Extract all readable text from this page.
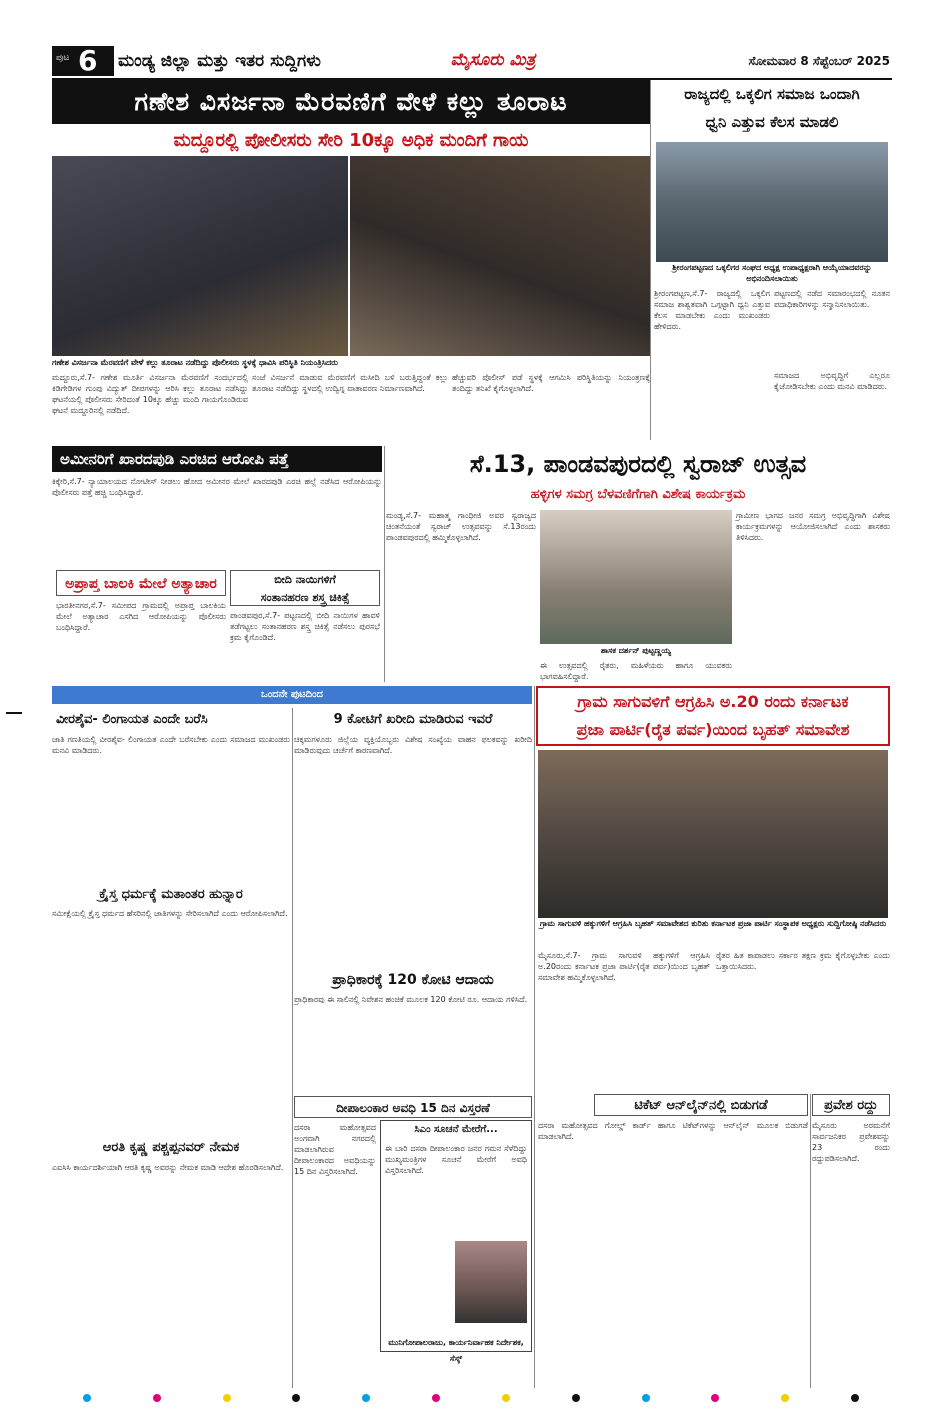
ಪುಟ 6 ಮಂಡ್ಯ ಜಿಲ್ಲಾ ಮತ್ತು ಇತರ ಸುದ್ದಿಗಳು	ಮೈಸೂರು ಮಿತ್ರ	ಸೋಮವಾರ 8 ಸೆಪ್ಟೆಂಬರ್ 2025
ಗಣೇಶ ವಿಸರ್ಜನಾ ಮೆರವಣಿಗೆ ವೇಳೆ ಕಲ್ಲು ತೂರಾಟ
ಮದ್ದೂರಲ್ಲಿ ಪೋಲೀಸರು ಸೇರಿ 10ಕ್ಕೂ ಅಧಿಕ ಮಂದಿಗೆ ಗಾಯ
ಗಣೇಶ ವಿಸರ್ಜನಾ ಮೆರವಣಿಗೆ ವೇಳೆ ಕಲ್ಲು ತೂರಾಟ ನಡೆದಿದ್ದು ಪೊಲೀಸರು ಸ್ಥಳಕ್ಕೆ ಧಾವಿಸಿ ಪರಿಸ್ಥಿತಿ ನಿಯಂತ್ರಿಸಿದರು
ಮದ್ದೂರು,ಸೆ.7- ಗಣೇಶ ಮೂರ್ತಿ ವಿಸರ್ಜನಾ ಮೆರವಣಿಗೆ ಸಂದರ್ಭದಲ್ಲಿ ಕಿಡಿಗೇಡಿಗಳ ಗುಂಪು ವಿದ್ಯುತ್ ದೀಪಗಳನ್ನು ಆರಿಸಿ ಕಲ್ಲು ತೂರಾಟ ನಡೆಸಿದ್ದು ಘಟನೆಯಲ್ಲಿ ಪೊಲೀಸರು ಸೇರಿದಂತೆ 10ಕ್ಕೂ ಹೆಚ್ಚು ಮಂದಿ ಗಾಯಗೊಂಡಿರುವ ಘಟನೆ ಮದ್ದೂರಿನಲ್ಲಿ ನಡೆದಿದೆ.
ಸಂಜೆ ವಿಸರ್ಜನೆ ಮಾಡುವ ಮೆರವಣಿಗೆ ಮಸೀದಿ ಬಳಿ ಬರುತ್ತಿದ್ದಂತೆ ಕಲ್ಲು ತೂರಾಟ ನಡೆದಿದ್ದು ಸ್ಥಳದಲ್ಲಿ ಉದ್ವಿಗ್ನ ವಾತಾವರಣ ನಿರ್ಮಾಣವಾಗಿದೆ.
ಹೆಚ್ಚುವರಿ ಪೊಲೀಸ್ ಪಡೆ ಸ್ಥಳಕ್ಕೆ ಆಗಮಿಸಿ ಪರಿಸ್ಥಿತಿಯನ್ನು ನಿಯಂತ್ರಣಕ್ಕೆ ತಂದಿದ್ದು ತನಿಖೆ ಕೈಗೊಳ್ಳಲಾಗಿದೆ.
ರಾಜ್ಯದಲ್ಲಿ ಒಕ್ಕಲಿಗ ಸಮಾಜ ಒಂದಾಗಿ
ಧ್ವನಿ ಎತ್ತುವ ಕೆಲಸ ಮಾಡಲಿ
ಶ್ರೀರಂಗಪಟ್ಟಣದ ಒಕ್ಕಲಿಗರ ಸಂಘದ ಅಧ್ಯಕ್ಷ ಉಪಾಧ್ಯಕ್ಷರಾಗಿ ಆಯ್ಕೆಯಾದವರನ್ನು ಅಭಿನಂದಿಸಲಾಯಿತು
ಶ್ರೀರಂಗಪಟ್ಟಣ,ಸೆ.7- ರಾಜ್ಯದಲ್ಲಿ ಒಕ್ಕಲಿಗ ಸಮಾಜ ಶಾಶ್ವತವಾಗಿ ಒಗ್ಗಟ್ಟಾಗಿ ಧ್ವನಿ ಎತ್ತುವ ಕೆಲಸ ಮಾಡಬೇಕು ಎಂದು ಮುಖಂಡರು ಹೇಳಿದರು.
ಪಟ್ಟಣದಲ್ಲಿ ನಡೆದ ಸಮಾರಂಭದಲ್ಲಿ ನೂತನ ಪದಾಧಿಕಾರಿಗಳನ್ನು ಸನ್ಮಾನಿಸಲಾಯಿತು.
ಸಮಾಜದ ಅಭಿವೃದ್ಧಿಗೆ ಎಲ್ಲರೂ ಕೈಜೋಡಿಸಬೇಕು ಎಂದು ಮನವಿ ಮಾಡಿದರು.
ಅಮೀನರಿಗೆ ಖಾರದಪುಡಿ ಎರಚಿದ ಆರೋಪಿ ಪತ್ತೆ
ಕಿಕ್ಕೇರಿ,ಸೆ.7- ನ್ಯಾಯಾಲಯದ ನೋಟೀಸ್ ನೀಡಲು ಹೋದ ಅಮೀನರ ಮೇಲೆ ಖಾರದಪುಡಿ ಎರಚಿ ಹಲ್ಲೆ ನಡೆಸಿದ ಆರೋಪಿಯನ್ನು ಪೊಲೀಸರು ಪತ್ತೆ ಹಚ್ಚಿ ಬಂಧಿಸಿದ್ದಾರೆ.
ಸೆ.13, ಪಾಂಡವಪುರದಲ್ಲಿ ಸ್ವರಾಜ್ ಉತ್ಸವ
ಹಳ್ಳಿಗಳ ಸಮಗ್ರ ಬೆಳವಣಿಗೆಗಾಗಿ ವಿಶೇಷ ಕಾರ್ಯಕ್ರಮ
ಮಂಡ್ಯ,ಸೆ.7- ಮಹಾತ್ಮ ಗಾಂಧೀಜಿ ಅವರ ಸ್ವರಾಜ್ಯದ ಚಿಂತನೆಯಂತೆ ಸ್ವರಾಜ್ ಉತ್ಸವವನ್ನು ಸೆ.13ರಂದು ಪಾಂಡವಪುರದಲ್ಲಿ ಹಮ್ಮಿಕೊಳ್ಳಲಾಗಿದೆ.
ಶಾಸಕ ದರ್ಶನ್ ಪುಟ್ಟಣ್ಣಯ್ಯ
ಗ್ರಾಮೀಣ ಭಾಗದ ಜನರ ಸಮಗ್ರ ಅಭಿವೃದ್ಧಿಗಾಗಿ ವಿಶೇಷ ಕಾರ್ಯಕ್ರಮಗಳನ್ನು ಆಯೋಜಿಸಲಾಗಿದೆ ಎಂದು ಶಾಸಕರು ತಿಳಿಸಿದರು.
ಈ ಉತ್ಸವದಲ್ಲಿ ರೈತರು, ಮಹಿಳೆಯರು ಹಾಗೂ ಯುವಕರು ಭಾಗವಹಿಸಲಿದ್ದಾರೆ.
ಅಪ್ರಾಪ್ತ ಬಾಲಕಿ ಮೇಲೆ ಅತ್ಯಾಚಾರ
ಭಾರತೀನಗರ,ಸೆ.7- ಸಮೀಪದ ಗ್ರಾಮದಲ್ಲಿ ಅಪ್ರಾಪ್ತ ಬಾಲಕಿಯ ಮೇಲೆ ಅತ್ಯಾಚಾರ ಎಸಗಿದ ಆರೋಪಿಯನ್ನು ಪೊಲೀಸರು ಬಂಧಿಸಿದ್ದಾರೆ.
ಬೀದಿ ನಾಯಿಗಳಿಗೆ
ಸಂತಾನಹರಣ ಶಸ್ತ್ರ ಚಿಕಿತ್ಸೆ
ಪಾಂಡವಪುರ,ಸೆ.7- ಪಟ್ಟಣದಲ್ಲಿ ಬೀದಿ ನಾಯಿಗಳ ಹಾವಳಿ ತಡೆಗಟ್ಟಲು ಸಂತಾನಹರಣ ಶಸ್ತ್ರ ಚಿಕಿತ್ಸೆ ನಡೆಸಲು ಪುರಸಭೆ ಕ್ರಮ ಕೈಗೊಂಡಿದೆ.
ಒಂದನೇ ಪುಟದಿಂದ	ಗ್ರಾಮ ಸಾಗುವಳಿಗೆ ಆಗ್ರಹಿಸಿ ಅ.20 ರಂದು ಕರ್ನಾಟಕ
ಪ್ರಜಾ ಪಾರ್ಟಿ(ರೈತ ಪರ್ವ)ಯಿಂದ ಬೃಹತ್ ಸಮಾವೇಶ
ಗ್ರಾಮ ಸಾಗುವಳಿ ಹಕ್ಕುಗಳಿಗೆ ಆಗ್ರಹಿಸಿ ಬೃಹತ್ ಸಮಾವೇಶದ ಕುರಿತು ಕರ್ನಾಟಕ ಪ್ರಜಾ ಪಾರ್ಟಿ ಸಂಸ್ಥಾಪಕ ಅಧ್ಯಕ್ಷರು ಸುದ್ದಿಗೋಷ್ಠಿ ನಡೆಸಿದರು
ಮೈಸೂರು,ಸೆ.7- ಗ್ರಾಮ ಸಾಗುವಳಿ ಹಕ್ಕುಗಳಿಗೆ ಆಗ್ರಹಿಸಿ ಅ.20ರಂದು ಕರ್ನಾಟಕ ಪ್ರಜಾ ಪಾರ್ಟಿ(ರೈತ ಪರ್ವ)ಯಿಂದ ಬೃಹತ್ ಸಮಾವೇಶ ಹಮ್ಮಿಕೊಳ್ಳಲಾಗಿದೆ.
ರೈತರ ಹಿತ ಕಾಪಾಡಲು ಸರ್ಕಾರ ತಕ್ಷಣ ಕ್ರಮ ಕೈಗೊಳ್ಳಬೇಕು ಎಂದು ಒತ್ತಾಯಿಸಿದರು.
ವೀರಶೈವ- ಲಿಂಗಾಯತ ಎಂದೇ ಬರೆಸಿ
ಜಾತಿ ಗಣತಿಯಲ್ಲಿ ವೀರಶೈವ- ಲಿಂಗಾಯತ ಎಂದೇ ಬರೆಸಬೇಕು ಎಂದು ಸಮಾಜದ ಮುಖಂಡರು ಮನವಿ ಮಾಡಿದರು.
9 ಕೋಟಿಗೆ ಖರೀದಿ ಮಾಡಿರುವ ಇವರೆ
ಚಿಕ್ಕಮಗಳೂರು ಜಿಲ್ಲೆಯ ವ್ಯಕ್ತಿಯೊಬ್ಬರು ವಿಶೇಷ ಸಂಖ್ಯೆಯ ವಾಹನ ಫಲಕವನ್ನು ಖರೀದಿ ಮಾಡಿರುವುದು ಚರ್ಚೆಗೆ ಕಾರಣವಾಗಿದೆ.
ಕ್ರೈಸ್ತ ಧರ್ಮಕ್ಕೆ ಮತಾಂತರ ಹುನ್ನಾರ
ಸಮೀಕ್ಷೆಯಲ್ಲಿ ಕ್ರೈಸ್ತ ಧರ್ಮದ ಹೆಸರಿನಲ್ಲಿ ಜಾತಿಗಳನ್ನು ಸೇರಿಸಲಾಗಿದೆ ಎಂದು ಆರೋಪಿಸಲಾಗಿದೆ.
ಪ್ರಾಧಿಕಾರಕ್ಕೆ 120 ಕೋಟಿ ಆದಾಯ
ಪ್ರಾಧಿಕಾರವು ಈ ಸಾಲಿನಲ್ಲಿ ನಿವೇಶನ ಹಂಚಿಕೆ ಮೂಲಕ 120 ಕೋಟಿ ರೂ. ಆದಾಯ ಗಳಿಸಿದೆ.
ದೀಪಾಲಂಕಾರ ಅವಧಿ 15 ದಿನ ವಿಸ್ತರಣೆ
ದಸರಾ ಮಹೋತ್ಸವದ ಅಂಗವಾಗಿ ನಗರದಲ್ಲಿ ಮಾಡಲಾಗಿರುವ ದೀಪಾಲಂಕಾರದ ಅವಧಿಯನ್ನು 15 ದಿನ ವಿಸ್ತರಿಸಲಾಗಿದೆ.
ಸಿಎಂ ಸೂಚನೆ ಮೇರೆಗೆ...
ಈ ಬಾರಿ ದಸರಾ ದೀಪಾಲಂಕಾರ ಜನರ ಗಮನ ಸೆಳೆದಿದ್ದು ಮುಖ್ಯಮಂತ್ರಿಗಳ ಸೂಚನೆ ಮೇರೆಗೆ ಅವಧಿ ವಿಸ್ತರಿಸಲಾಗಿದೆ.
ಮುನಿಗೋಪಾಲರಾಜು, ಕಾರ್ಯನಿರ್ವಾಹಕ ನಿರ್ದೇಶಕ, ಸೆಸ್ಕ್
ಆರತಿ ಕೃಷ್ಣ ಪಶ್ಚಪ್ಪನವರ್ ನೇಮಕ
ಎಐಸಿಸಿ ಕಾರ್ಯದರ್ಶಿಯಾಗಿ ಆರತಿ ಕೃಷ್ಣ ಅವರನ್ನು ನೇಮಕ ಮಾಡಿ ಆದೇಶ ಹೊರಡಿಸಲಾಗಿದೆ.
ಟಿಕೆಟ್ ಆನ್‌ಲೈನ್‌ನಲ್ಲಿ ಬಿಡುಗಡೆ
ದಸರಾ ಮಹೋತ್ಸವದ ಗೋಲ್ಡ್ ಕಾರ್ಡ್ ಹಾಗೂ ಟಿಕೆಟ್‌ಗಳನ್ನು ಆನ್‌ಲೈನ್ ಮೂಲಕ ಬಿಡುಗಡೆ ಮಾಡಲಾಗಿದೆ.
ಪ್ರವೇಶ ರದ್ದು
ಮೈಸೂರು ಅರಮನೆಗೆ ಸಾರ್ವಜನಿಕರ ಪ್ರವೇಶವನ್ನು 23 ರಂದು ರದ್ದುಪಡಿಸಲಾಗಿದೆ.
